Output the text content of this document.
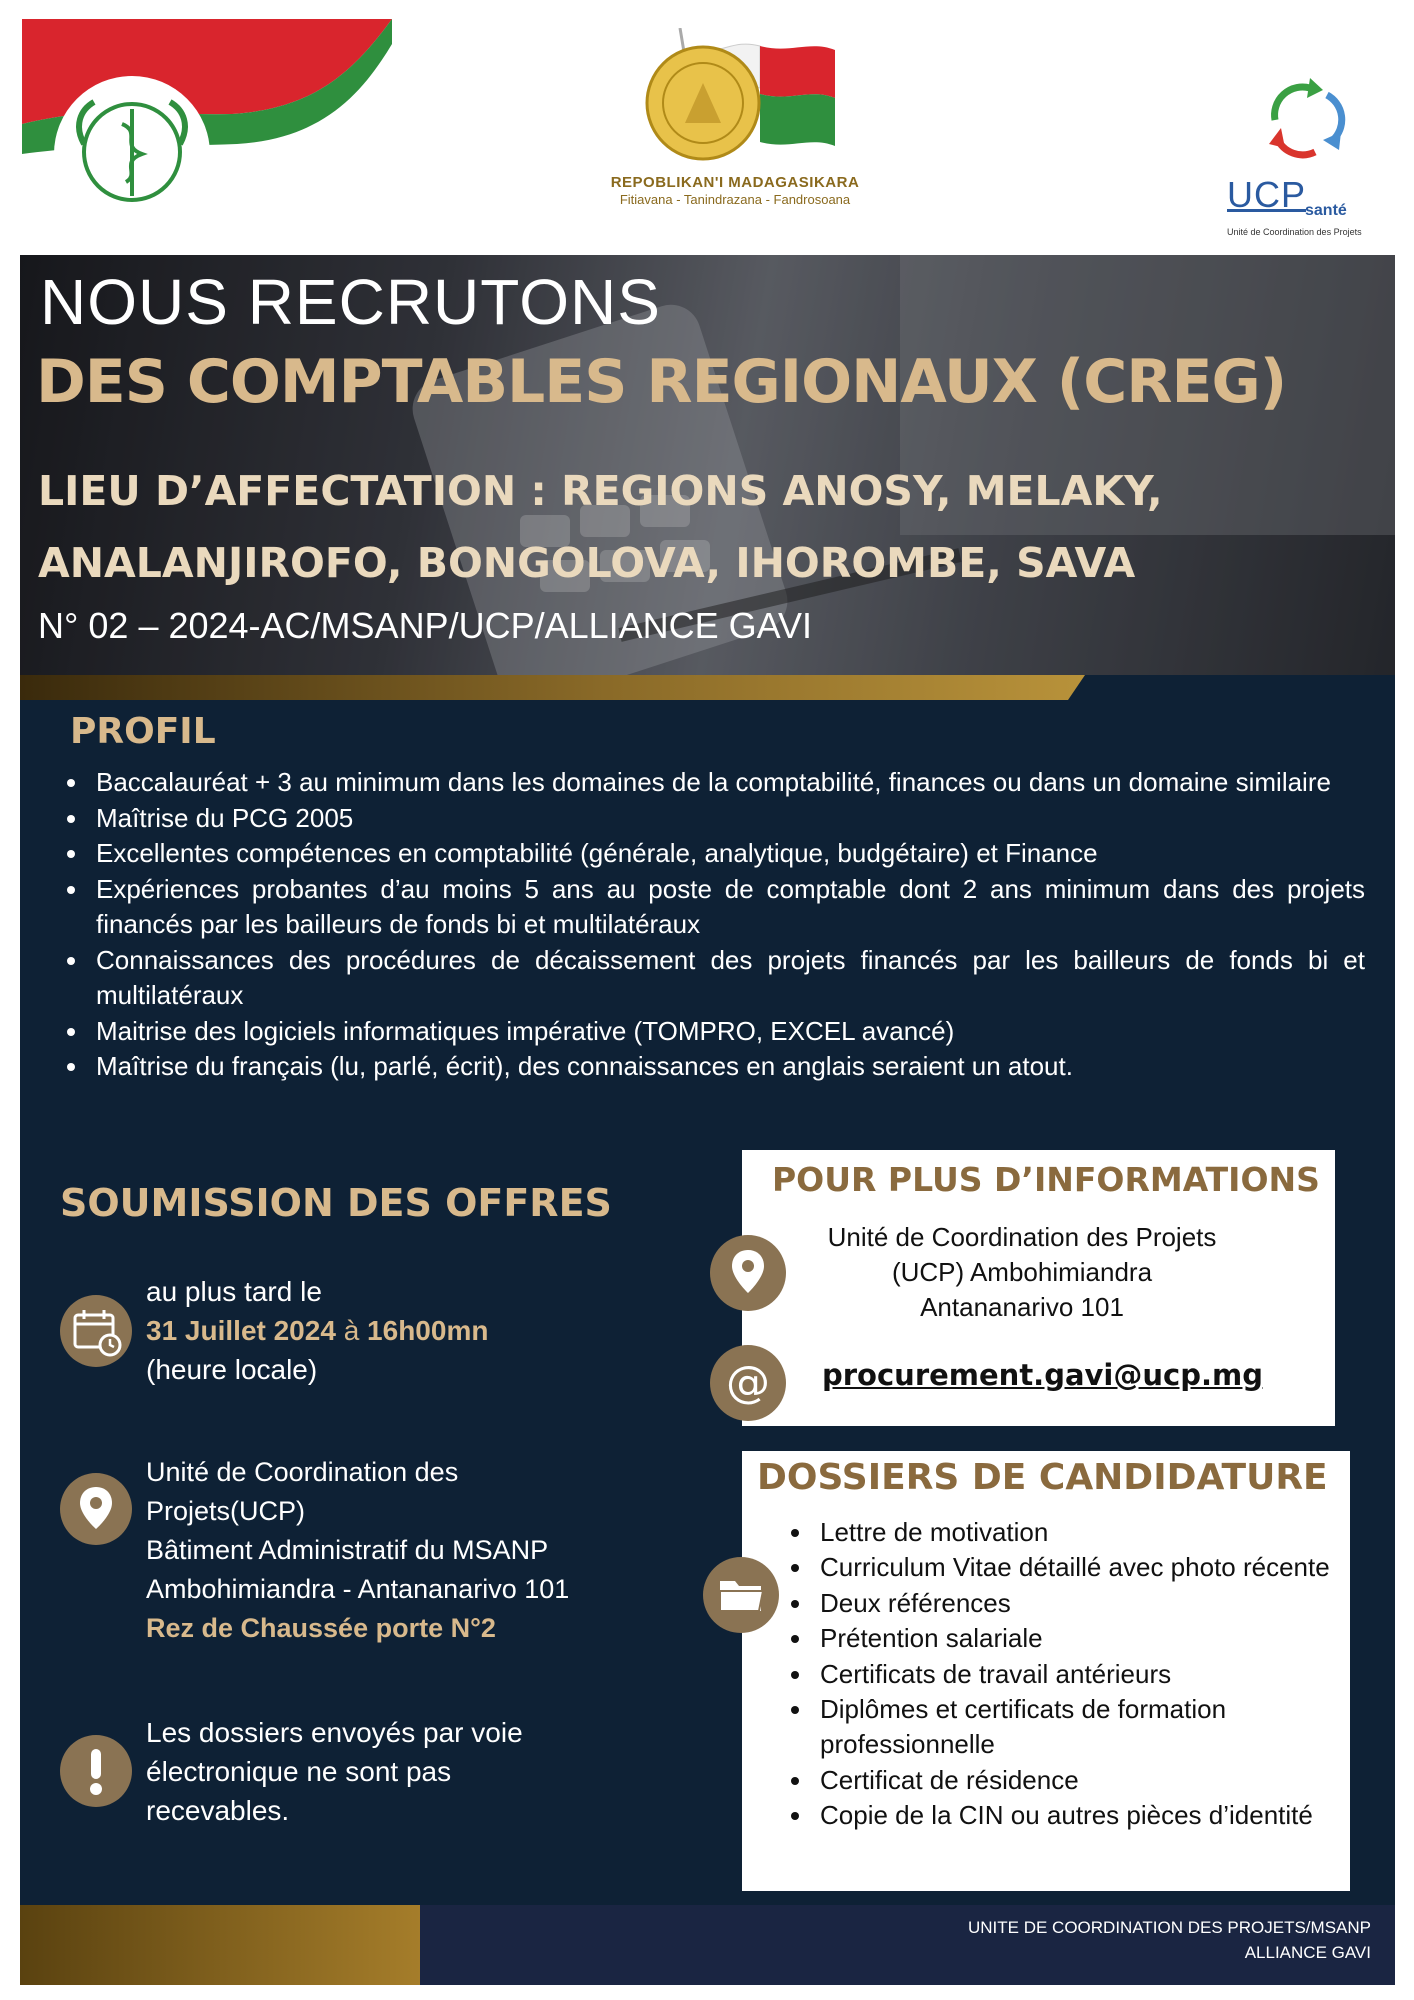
REPOBLIKAN'I MADAGASIKARA
Fitiavana - Tanindrazana - Fandrosoana	UCP
santé
Unité de Coordination des Projets
NOUS RECRUTONS
DES COMPTABLES REGIONAUX (CREG)
LIEU D’AFFECTATION : REGIONS ANOSY, MELAKY, ANALANJIROFO, BONGOLOVA, IHOROMBE, SAVA
N° 02 – 2024-AC/MSANP/UCP/ALLIANCE GAVI
PROFIL
• Baccalauréat + 3 au minimum dans les domaines de la comptabilité, finances ou dans un domaine similaire
• Maîtrise du PCG 2005
• Excellentes compétences en comptabilité (générale, analytique, budgétaire) et Finance
• Expériences probantes d’au moins 5 ans au poste de comptable dont 2 ans minimum dans des projets financés par les bailleurs de fonds bi et multilatéraux
• Connaissances des procédures de décaissement des projets financés par les bailleurs de fonds bi et multilatéraux
• Maitrise des logiciels informatiques impérative (TOMPRO, EXCEL avancé)
• Maîtrise du français (lu, parlé, écrit), des connaissances en anglais seraient un atout.
SOUMISSION DES OFFRES
au plus tard le
31 Juillet 2024 à 16h00mn
(heure locale)
Unité de Coordination des Projets(UCP)
Bâtiment Administratif du MSANP
Ambohimiandra - Antananarivo 101
Rez de Chaussée porte N°2
Les dossiers envoyés par voie électronique ne sont pas recevables.
POUR PLUS D’INFORMATIONS
Unité de Coordination des Projets
(UCP) Ambohimiandra
Antananarivo 101
procurement.gavi@ucp.mg
@
DOSSIERS DE CANDIDATURE
• Lettre de motivation
• Curriculum Vitae détaillé avec photo récente
• Deux références
• Prétention salariale
• Certificats de travail antérieurs
• Diplômes et certificats de formation professionnelle
• Certificat de résidence
• Copie de la CIN ou autres pièces d’identité
UNITE DE COORDINATION DES PROJETS/MSANP
ALLIANCE GAVI
